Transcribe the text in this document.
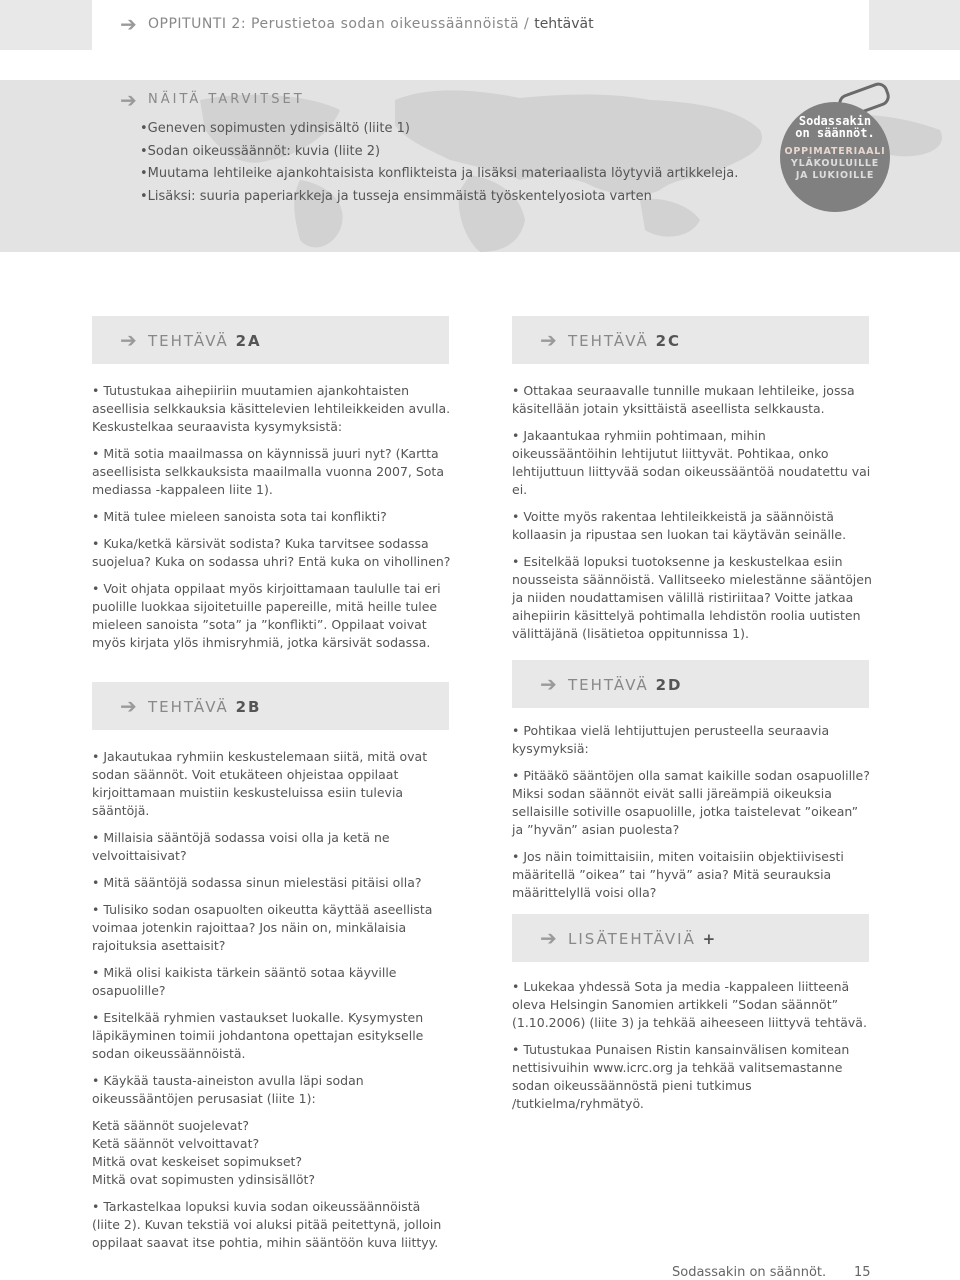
➔ OPPITUNTI 2: Perustietoa sodan oikeussäännöistä / tehtävät
➔ NÄITÄ TARVITSET
• Geneven sopimusten ydinsisältö (liite 1)
• Sodan oikeussäännöt: kuvia (liite 2)
• Muutama lehtileike ajankohtaisista konflikteista ja lisäksi materiaalista löytyviä artikkeleja.
• Lisäksi: suuria paperiarkkeja ja tusseja ensimmäistä työskentelyosiota varten
Sodassakin
on säännöt.
OPPIMATERIAALI
YLÄKOULUILLE
JA LUKIOILLE
➔ TEHTÄVÄ 2A

• Tutustukaa aihepiiriin muutamien ajankohtaisten aseellisia selkkauksia käsittelevien lehtileikkeiden avulla. Keskustelkaa seuraavista kysymyksistä:

• Mitä sotia maailmassa on käynnissä juuri nyt? (Kartta aseellisista selkkauksista maailmalla vuonna 2007, Sota mediassa -kappaleen liite 1).

• Mitä tulee mieleen sanoista sota tai konflikti?

• Kuka/ketkä kärsivät sodista? Kuka tarvitsee sodassa suojelua? Kuka on sodassa uhri? Entä kuka on vihollinen?

• Voit ohjata oppilaat myös kirjoittamaan taululle tai eri puolille luokkaa sijoitetuille papereille, mitä heille tulee mieleen sanoista ”sota” ja ”konflikti”. Oppilaat voivat myös kirjata ylös ihmisryhmiä, jotka kärsivät sodassa.

➔ TEHTÄVÄ 2B

• Jakautukaa ryhmiin keskustelemaan siitä, mitä ovat sodan säännöt. Voit etukäteen ohjeistaa oppilaat kirjoittamaan muistiin keskusteluissa esiin tulevia sääntöjä.

• Millaisia sääntöjä sodassa voisi olla ja ketä ne velvoittaisivat?

• Mitä sääntöjä sodassa sinun mielestäsi pitäisi olla?

• Tulisiko sodan osapuolten oikeutta käyttää aseellista voimaa jotenkin rajoittaa? Jos näin on, minkälaisia rajoituksia asettaisit?

• Mikä olisi kaikista tärkein sääntö sotaa käyville osapuolille?

• Esitelkää ryhmien vastaukset luokalle. Kysymysten läpikäyminen toimii johdantona opettajan esitykselle sodan oikeussäännöistä.

• Käykää tausta-aineiston avulla läpi sodan oikeussääntöjen perusasiat (liite 1):

Ketä säännöt suojelevat?

Ketä säännöt velvoittavat?

Mitkä ovat keskeiset sopimukset?

Mitkä ovat sopimusten ydinsisällöt?

• Tarkastelkaa lopuksi kuvia sodan oikeussäännöistä (liite 2). Kuvan tekstiä voi aluksi pitää peitettynä, jolloin oppilaat saavat itse pohtia, mihin sääntöön kuva liittyy.

➔ TEHTÄVÄ 2C

• Ottakaa seuraavalle tunnille mukaan lehtileike, jossa käsitellään jotain yksittäistä aseellista selkkausta.

• Jakaantukaa ryhmiin pohtimaan, mihin oikeussääntöihin lehtijutut liittyvät. Pohtikaa, onko lehtijuttuun liittyvää sodan oikeussääntöä noudatettu vai ei.

• Voitte myös rakentaa lehtileikkeistä ja säännöistä kollaasin ja ripustaa sen luokan tai käytävän seinälle.

• Esitelkää lopuksi tuotoksenne ja keskustelkaa esiin nousseista säännöistä. Vallitseeko mielestänne sääntöjen ja niiden noudattamisen välillä ristiriitaa? Voitte jatkaa aihepiirin käsittelyä pohtimalla lehdistön roolia uutisten välittäjänä (lisätietoa oppitunnissa 1).

➔ TEHTÄVÄ 2D

• Pohtikaa vielä lehtijuttujen perusteella seuraavia kysymyksiä:

• Pitääkö sääntöjen olla samat kaikille sodan osapuolille? Miksi sodan säännöt eivät salli järeämpiä oikeuksia sellaisille sotiville osapuolille, jotka taistelevat ”oikean” ja ”hyvän” asian puolesta?

• Jos näin toimittaisiin, miten voitaisiin objektiivisesti määritellä ”oikea” tai ”hyvä” asia? Mitä seurauksia määrittelyllä voisi olla?

➔ LISÄTEHTÄVIÄ +

• Lukekaa yhdessä Sota ja media -kappaleen liitteenä oleva Helsingin Sanomien artikkeli ”Sodan säännöt” (1.10.2006) (liite 3) ja tehkää aiheeseen liittyvä tehtävä.

• Tutustukaa Punaisen Ristin kansainvälisen komitean nettisivuihin www.icrc.org ja tehkää valitsemastanne sodan oikeussäännöstä pieni tutkimus /tutkielma/ryhmätyö.

Sodassakin on säännöt. 15
